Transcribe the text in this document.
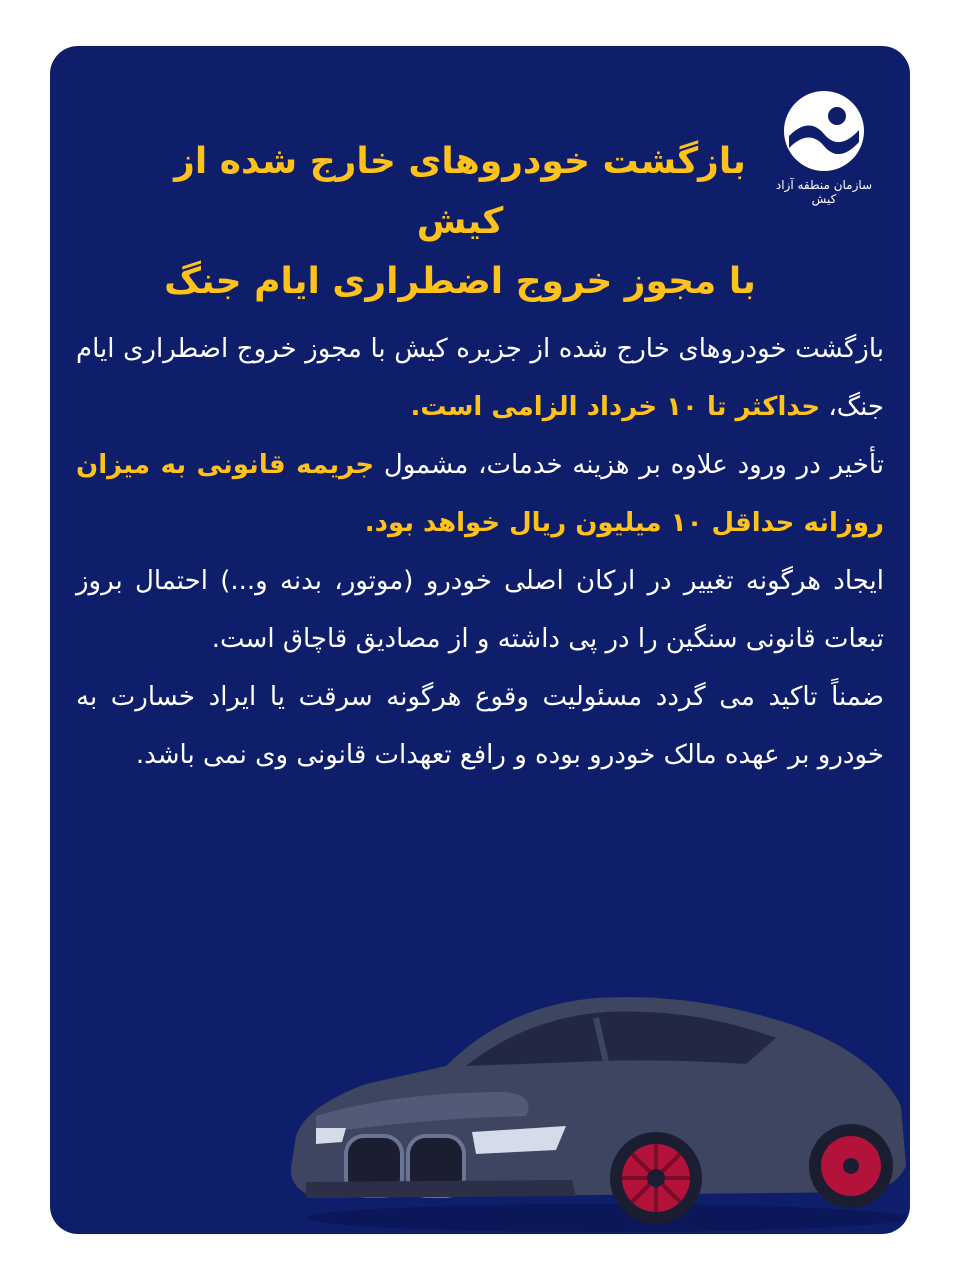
سازمان منطقه آزاد کیش
بازگشت خودروهای خارج شده از کیش
با مجوز خروج اضطراری ایام جنگ

بازگشت خودروهای خارج شده از جزیره کیش با مجوز خروج اضطراری ایام جنگ، حداکثر تا ۱۰ خرداد الزامی است.

تأخیر در ورود علاوه بر هزینه خدمات، مشمول جریمه قانونی به میزان روزانه حداقل ۱۰ میلیون ریال خواهد بود.

ایجاد هرگونه تغییر در ارکان اصلی خودرو (موتور، بدنه و...) احتمال بروز تبعات قانونی سنگین را در پی داشته و از مصادیق قاچاق است.

ضمناً تاکید می گردد مسئولیت وقوع هرگونه سرقت یا ایراد خسارت به خودرو بر عهده مالک خودرو بوده و رافع تعهدات قانونی وی نمی باشد.
